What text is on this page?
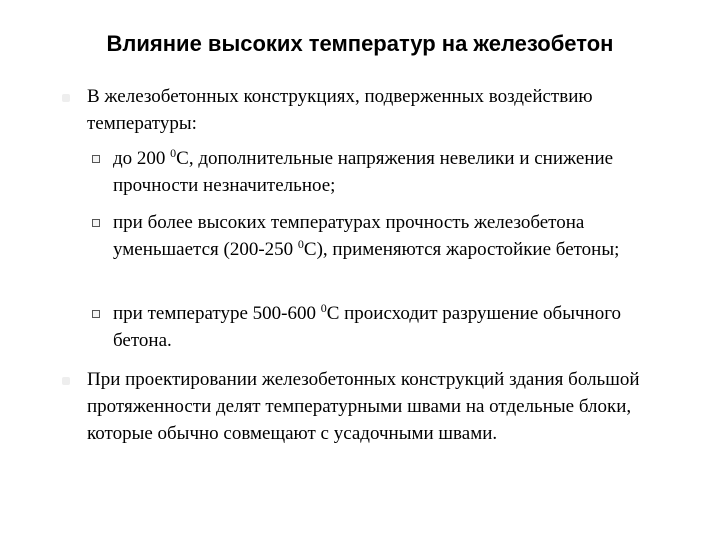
Влияние высоких температур на железобетон

В железобетонных конструкциях, подверженных воздействию температуры:

до 200 $^0$С, дополнительные напряжения невелики и снижение прочности незначительное;

при более высоких температурах прочность железобетона уменьшается (200-250 $^0$С), применяются жаростойкие бетоны;

при температуре 500-600 $^0$С происходит разрушение обычного бетона.

При проектировании железобетонных конструкций здания большой протяженности делят температурными швами на отдельные блоки, которые обычно совмещают с усадочными швами.
